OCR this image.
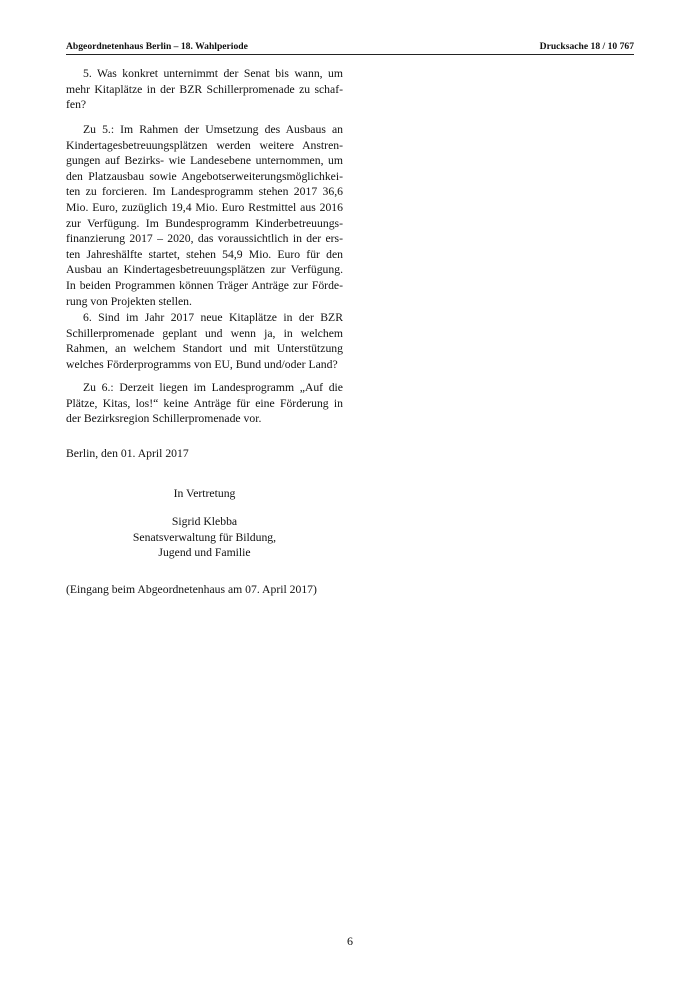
Abgeordnetenhaus Berlin – 18. Wahlperiode	Drucksache 18 / 10 767

5. Was konkret unternimmt der Senat bis wann, um
mehr Kitaplätze in der BZR Schillerpromenade zu schaf-
fen?

Zu 5.: Im Rahmen der Umsetzung des Ausbaus an
Kindertagesbetreuungsplätzen werden weitere Anstren-
gungen auf Bezirks- wie Landesebene unternommen, um
den Platzausbau sowie Angebotserweiterungsmöglichkei-
ten zu forcieren. Im Landesprogramm stehen 2017 36,6
Mio. Euro, zuzüglich 19,4 Mio. Euro Restmittel aus 2016
zur Verfügung. Im Bundesprogramm Kinderbetreuungs-
finanzierung 2017 – 2020, das voraussichtlich in der ers-
ten Jahreshälfte startet, stehen 54,9 Mio. Euro für den
Ausbau an Kindertagesbetreuungsplätzen zur Verfügung.
In beiden Programmen können Träger Anträge zur Förde-
rung von Projekten stellen.

6. Sind im Jahr 2017 neue Kitaplätze in der BZR
Schillerpromenade geplant und wenn ja, in welchem
Rahmen, an welchem Standort und mit Unterstützung
welches Förderprogramms von EU, Bund und/oder Land?

Zu 6.: Derzeit liegen im Landesprogramm „Auf die
Plätze, Kitas, los!“ keine Anträge für eine Förderung in
der Bezirksregion Schillerpromenade vor.

Berlin, den 01. April 2017

In Vertretung
Sigrid Klebba
Senatsverwaltung für Bildung,
Jugend und Familie

(Eingang beim Abgeordnetenhaus am 07. April 2017)

6
